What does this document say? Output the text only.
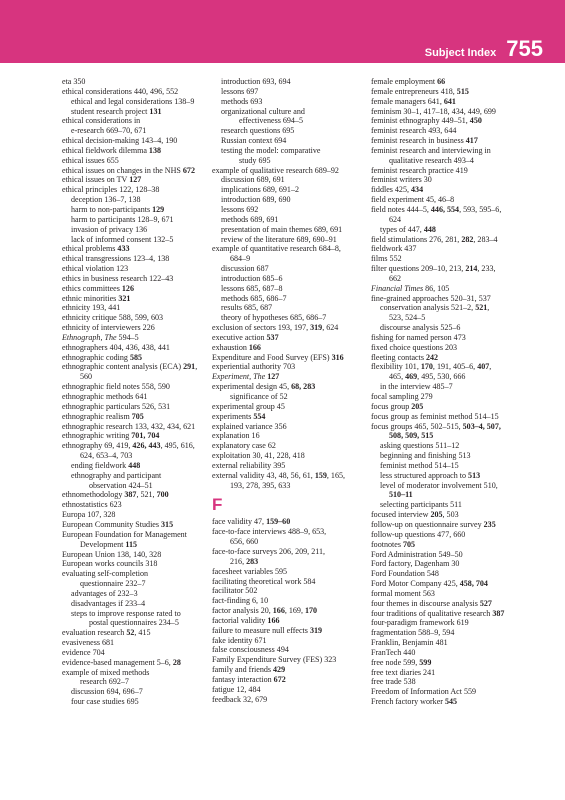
Subject Index 755
eta 350
ethical considerations 440, 496, 552
ethical and legal considerations 138–9
student research project 131
ethical considerations in
e-research 669–70, 671
ethical decision-making 143–4, 190
ethical fieldwork dilemma 138
ethical issues 655
ethical issues on changes in the NHS 672
ethical issues on TV 127
ethical principles 122, 128–38
deception 136–7, 138
harm to non-participants 129
harm to participants 128–9, 671
invasion of privacy 136
lack of informed consent 132–5
ethical problems 433
ethical transgressions 123–4, 138
ethical violation 123
ethics in business research 122–43
ethics committees 126
ethnic minorities 321
ethnicity 193, 441
ethnicity critique 588, 599, 603
ethnicity of interviewers 226
Ethnograph, The 594–5
ethnographers 404, 436, 438, 441
ethnographic coding 585
ethnographic content analysis (ECA) 291,
560
ethnographic field notes 558, 590
ethnographic methods 641
ethnographic particulars 526, 531
ethnographic realism 705
ethnographic research 133, 432, 434, 621
ethnographic writing 701, 704
ethnography 69, 419, 426, 443, 495, 616,
624, 653–4, 703
ending fieldwork 448
ethnography and participant
observation 424–51
ethnomethodology 387, 521, 700
ethnostatistics 623
Europa 107, 328
European Community Studies 315
European Foundation for Management
Development 115
European Union 138, 140, 328
European works councils 318
evaluating self-completion
questionnaire 232–7
advantages of 232–3
disadvantages if 233–4
steps to improve response rated to
postal questionnaires 234–5
evaluation research 52, 415
evasiveness 681
evidence 704
evidence-based management 5–6, 28
example of mixed methods
research 692–7
discussion 694, 696–7
four case studies 695
introduction 693, 694
lessons 697
methods 693
organizational culture and
effectiveness 694–5
research questions 695
Russian context 694
testing the model: comparative
study 695
example of qualitative research 689–92
discussion 689, 691
implications 689, 691–2
introduction 689, 690
lessons 692
methods 689, 691
presentation of main themes 689, 691
review of the literature 689, 690–91
example of quantitative research 684–8,
684–9
discussion 687
introduction 685–6
lessons 685, 687–8
methods 685, 686–7
results 685, 687
theory of hypotheses 685, 686–7
exclusion of sectors 193, 197, 319, 624
executive action 537
exhaustion 166
Expenditure and Food Survey (EFS) 316
experiential authority 703
Experiment, The 127
experimental design 45, 68, 283
significance of 52
experimental group 45
experiments 554
explained variance 356
explanation 16
explanatory case 62
exploitation 30, 41, 228, 418
external reliability 395
external validity 43, 48, 56, 61, 159, 165,
193, 278, 395, 633
F
face validity 47, 159–60
face-to-face interviews 488–9, 653,
656, 660
face-to-face surveys 206, 209, 211,
216, 283
facesheet variables 595
facilitating theoretical work 584
facilitator 502
fact-finding 6, 10
factor analysis 20, 166, 169, 170
factorial validity 166
failure to measure null effects 319
fake identity 671
false consciousness 494
Family Expenditure Survey (FES) 323
family and friends 429
fantasy interaction 672
fatigue 12, 484
feedback 32, 679
female employment 66
female entrepreneurs 418, 515
female managers 641, 641
feminism 30–1, 417–18, 434, 449, 699
feminist ethnography 449–51, 450
feminist research 493, 644
feminist research in business 417
feminist research and interviewing in
qualitative research 493–4
feminist research practice 419
feminist writers 30
fiddles 425, 434
field experiment 45, 46–8
field notes 444–5, 446, 554, 593, 595–6,
624
types of 447, 448
field stimulations 276, 281, 282, 283–4
fieldwork 437
films 552
filter questions 209–10, 213, 214, 233,
662
Financial Times 86, 105
fine-grained approaches 520–31, 537
conservation analysis 521–2, 521,
523, 524–5
discourse analysis 525–6
fishing for named person 473
fixed choice questions 203
fleeting contacts 242
flexibility 101, 170, 191, 405–6, 407,
465, 469, 495, 530, 666
in the interview 485–7
focal sampling 279
focus group 205
focus group as feminist method 514–15
focus groups 465, 502–515, 503–4, 507,
508, 509, 515
asking questions 511–12
beginning and finishing 513
feminist method 514–15
less structured approach to 513
level of moderator involvement 510,
510–11
selecting participants 511
focused interview 205, 503
follow-up on questionnaire survey 235
follow-up questions 477, 660
footnotes 705
Ford Administration 549–50
Ford factory, Dagenham 30
Ford Foundation 548
Ford Motor Company 425, 458, 704
formal moment 563
four themes in discourse analysis 527
four traditions of qualitative research 387
four-paradigm framework 619
fragmentation 588–9, 594
Franklin, Benjamin 481
FranTech 440
free node 599, 599
free text diaries 241
free trade 538
Freedom of Information Act 559
French factory worker 545
